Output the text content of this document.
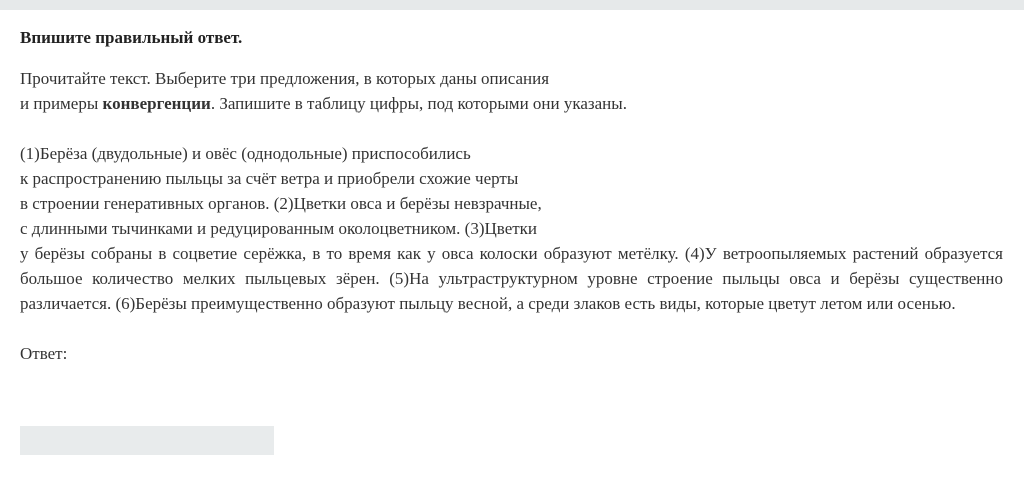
Впишите правильный ответ.

Прочитайте текст. Выберите три предложения, в которых даны описания
и примеры конвергенции. Запишите в таблицу цифры, под которыми они указаны.

(1)Берёза (двудольные) и овёс (однодольные) приспособились
к распространению пыльцы за счёт ветра и приобрели схожие черты
в строении генеративных органов. (2)Цветки овса и берёзы невзрачные,
с длинными тычинками и редуцированным околоцветником. (3)Цветки
у берёзы собраны в соцветие серёжка, в то время как у овса колоски образуют метёлку. (4)У ветроопыляемых растений образуется большое количество мелких пыльцевых зёрен. (5)На ультраструктурном уровне строение пыльцы овса и берёзы существенно различается. (6)Берёзы преимущественно образуют пыльцу весной, а среди злаков есть виды, которые цветут летом или осенью.

Ответ:
